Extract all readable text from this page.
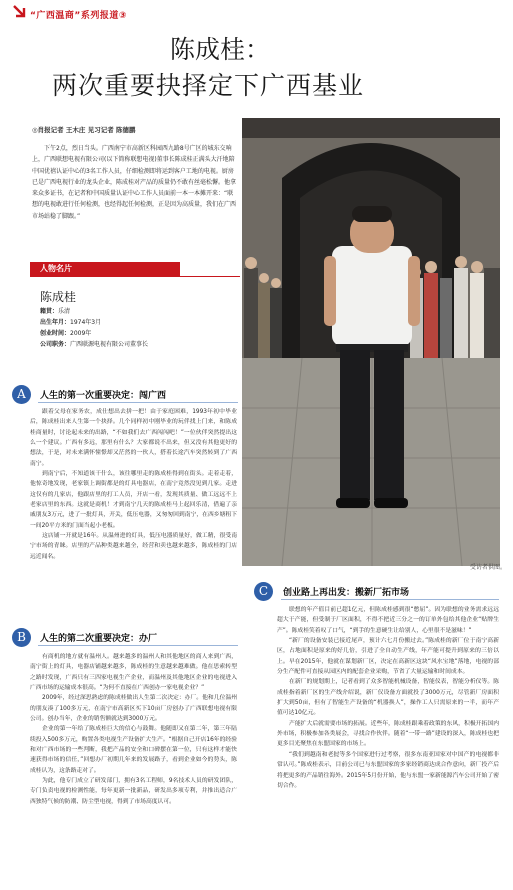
“广西温商”系列报道③
陈成桂：
两次重要抉择定下广西基业
◎肖报记者 王木庄 见习记者 陈德鹏

下午2点，烈日当头。广西南宁市高新区科园西九路8号广区的城东交响上，广西联想电视有限公司(以下简称联想电视)董事长陈成桂正满头大汗地陪中国优禧认证中心的3名工作人员，仔细检测即将运到客户工地的电视。厨房已是广西电视行业的龙头企业，陈成桂对产品的质量仍不敢有丝毫松懈。他拿来众多证书，在记者和中国质量认证中心工作人员面前一本一本摊开来：“联想的电视敢进行任何检测，也经得起任何检测，正是因为高质量，我们在广西市场站稳了脚跟。”

人物名片
陈成桂
籍贯：乐清
出生年月：1974年3月
创业时间：2009年
公司职务：广西联源电视有限公司董事长
受访者供图。
A	人生的第一次重要决定：闯广西

跟着父母在家务农，成仕想出去拼一把！由于家庭困难，1993年初中毕业后，陈成桂出来人生第一个抉择。几个同样初中刚毕业的玩伴找上门来，和陈成桂商量时，讨论起未来的出路，“不如我们去广西闯闯吧！”一位伙伴突然提出这么一个建议。广西有多远，那里有什么？大家都说不出来，但又没有其他更好的想法，于是，对未来满怀憧憬却又茫然的一伙人，搭着长途汽车突然转到了广西南宁。

到南宁后，不知道该干什么，该往哪里走的陈成桂得到在街头。走着走着，他惊奇地发现，老家镇上调街都是的灯具电器店，在南宁竟然没见到几家。走进这仅有的几家店，他跟店里的打工人员，开店一看，发现其质量、做工远远不上老家店里的东西。这就是商机！才到南宁几天的陈成桂马上起回乐清，借遍了亲戚朋友3万元，进了一批灯具，开关，低压电器，又匆匆回到南宁，在西乡塘租下一间20平方米的门面当起小老板。

这店铺一开就是16年。从温州进的灯具，低压电器质量好，做工精，很受南宁市场的青睐。店里的产品种类越来越全，经营和卖也越来越多，陈成桂的门店远近闻名。

B	人生的第二次重要决定：办厂

有商机的地方就有温州人。越来越多的温州人和其他地区的商人来到广西，南宁街上的灯具，电器店铺越来越多，陈成桂的生意越来越难做。他在思索转型之路时发现，广西只有三四家电视生产企业，而温州及其他地区企业的电视进入广西市场的运输成本很高。“为何不直接在广西创办一家电视企业？”

2009年，经过深思熟虑的陈成桂做出人生第二次决定：办厂。他和几位温州的朋友凑了100多万元，在南宁市高新区买下10亩厂房创办了广西联想电视有限公司。创办当年，企业的销售额就达到3000万元。

企业的第一年给了陈成桂巨大的信心与鼓舞。他随即又在第二年，第三年陆续投入500多万元，购置各类电视生产设备扩大生产。“根据自己开店16年的经验和对广西市场的一些判断，我把产品的安全和口碑摆在第一位，只有这样才能快速获得市场的信任，”回想办厂初期几年来的发展路子，看到企业如今的势头，陈成桂认为，这条路走对了。

为此，他专门成立了研发部门，拥有3名工程师，9名技术人员的研发团队，专门负责电视的检测性能，每年更新一批新品，研发出多项专利，并推出适合广西独特气候的防潮、防尘型电视，得到了市场高度认可。

C	创业路上再出发：搬新厂拓市场

联想的年产值目前已超1亿元，但陈成桂感到很“憋屈”。因为联想的业务需求远远超大于产能，但受制于厂区面积，不得不把近三分之一的订单外包给其他企业“贴牌生产”。陈成桂笑着叹了口气，“到手的生意硬生让给别人，心里很不是滋味！”

“新厂的设备安装已接近尾声，预计六七月份搬过去。”陈成桂的新厂位于南宁高新区，占地面积是原来的好几倍，引进了全自动生产线，年产能可提升到原来的三倍以上。早在2015年，他就在谋划新厂区，决定在高新区这块“风水宝地”落地，电视的部分生产配件可直接从园区内的配套企业采购，节省了大量运输和时间成本。

在新厂的规划期上，记者看到了众多智能机械设备，智能仪表，智能分析仪等。陈成桂指着新厂区的生产线介绍说，新厂仅设备方面就投了3000万元，尽管新厂房面积扩大到50亩，但有了智能生产设备的“机器换人”，操作工人只需原来的一半，而年产值可达10亿元。

产能扩大后就需要市场的拓展。近些年，陈成桂跟乘着政策的东风，积极开拓国内外市场，积极参加各类展会，寻找合作伙伴。随着“一带一路”建设的深入，陈成桂也把更多目光聚焦在东盟国家的市场上。

“我们到越南和老挝等多个国家进行过考察，很多东南亚国家对中国产的电视都非常认可。”陈成桂表示，目前公司已与东盟国家的多家经销商达成合作意向，新厂投产后将把更多的产品销往海外。2015年5月份开始，他与东盟一家新能源汽车公司开始了密切合作。
